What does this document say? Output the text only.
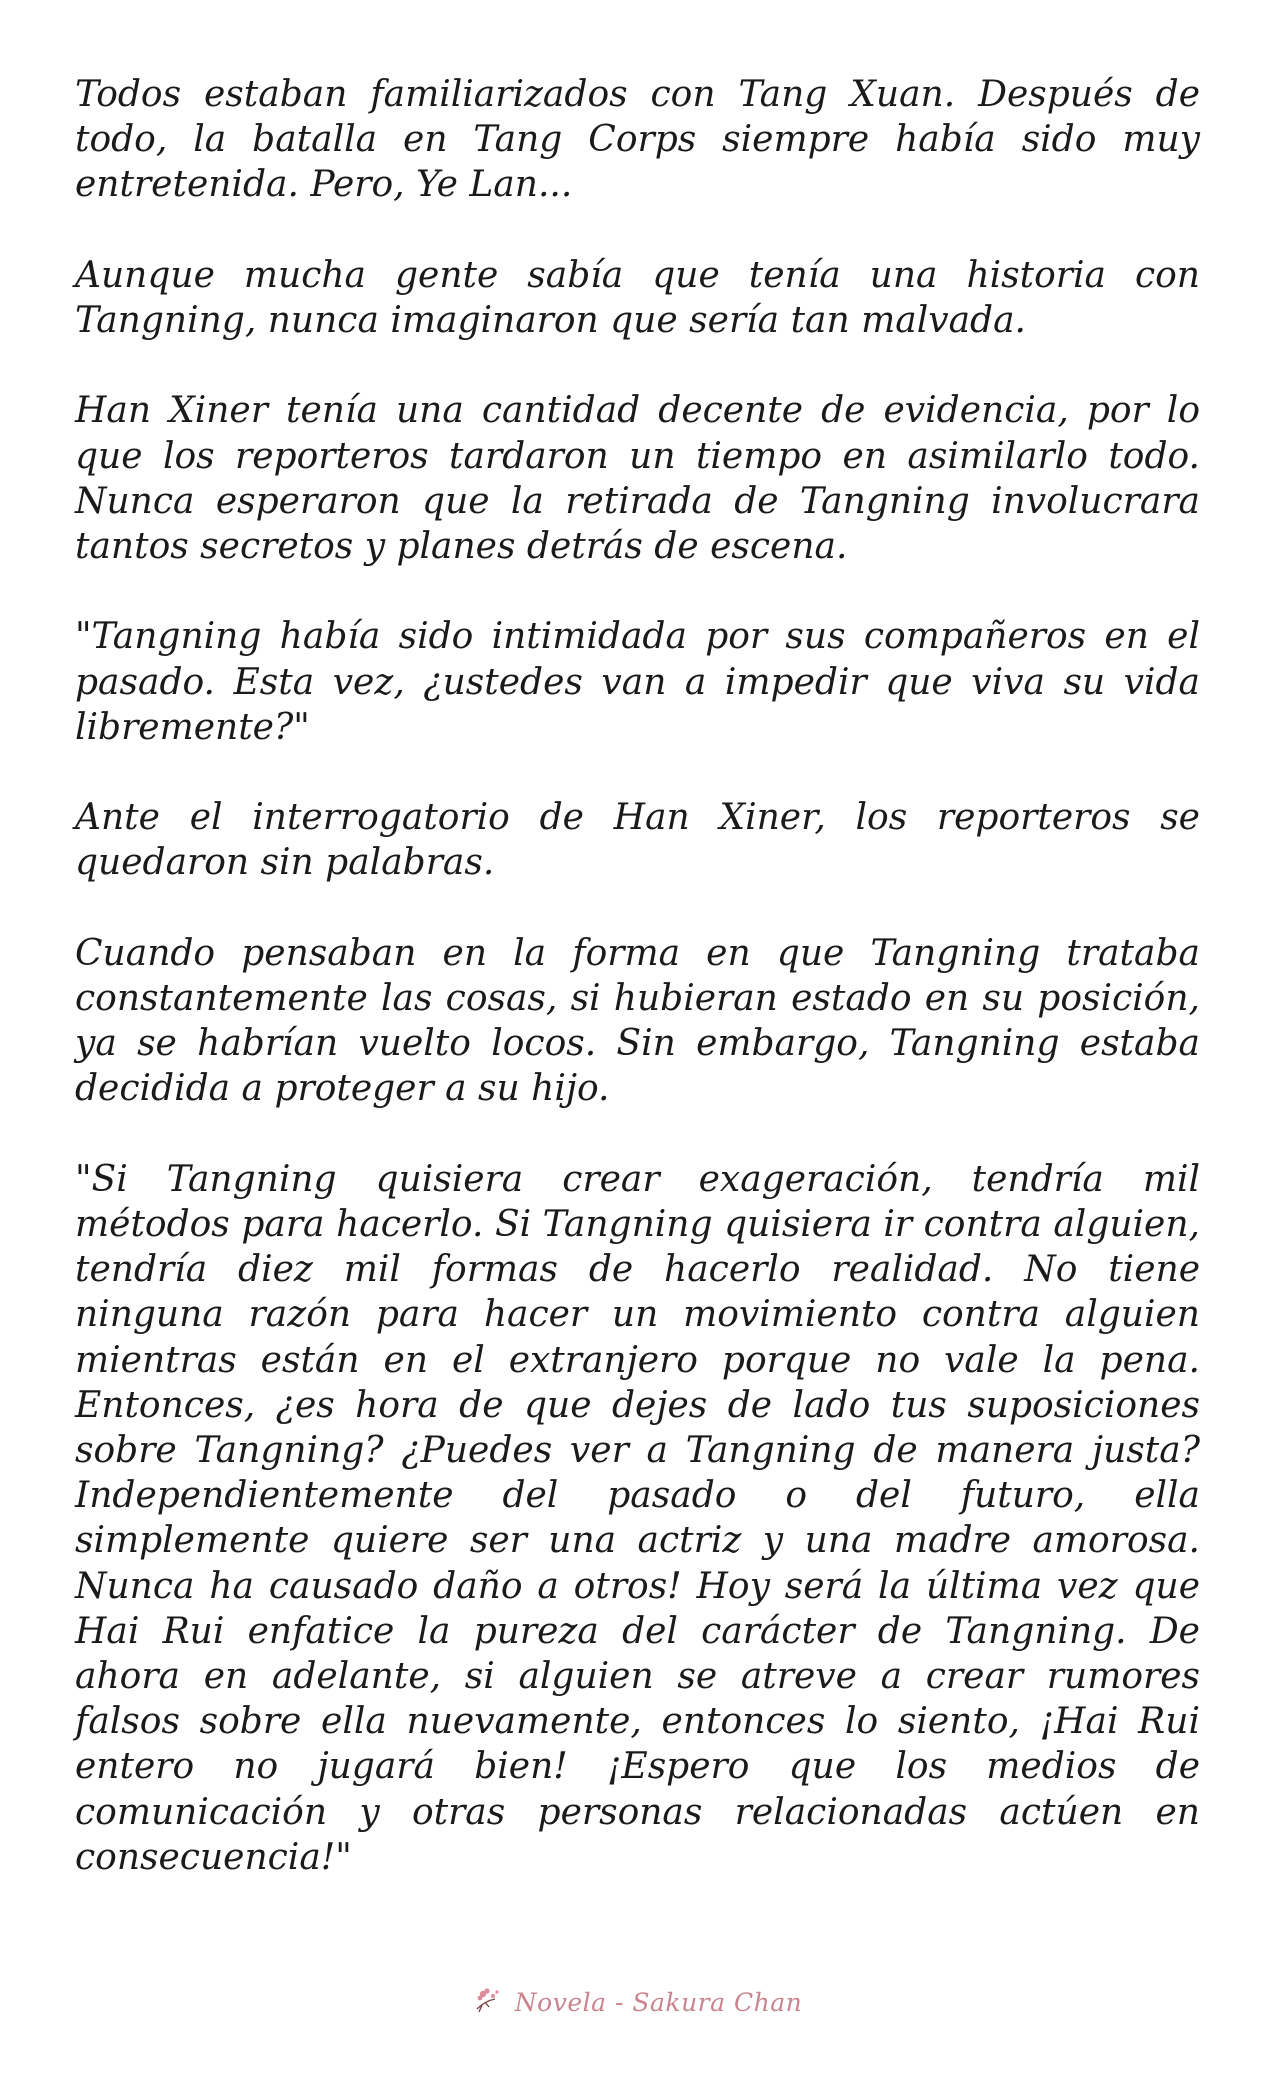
Todos estaban familiarizados con Tang Xuan. Después de todo, la batalla en Tang Corps siempre había sido muy entretenida. Pero, Ye Lan...

Aunque mucha gente sabía que tenía una historia con Tangning, nunca imaginaron que sería tan malvada.

Han Xiner tenía una cantidad decente de evidencia, por lo que los reporteros tardaron un tiempo en asimilarlo todo. Nunca esperaron que la retirada de Tangning involucrara tantos secretos y planes detrás de escena.

"Tangning había sido intimidada por sus compañeros en el pasado. Esta vez, ¿ustedes van a impedir que viva su vida libremente?"

Ante el interrogatorio de Han Xiner, los reporteros se quedaron sin palabras.

Cuando pensaban en la forma en que Tangning trataba constantemente las cosas, si hubieran estado en su posición, ya se habrían vuelto locos. Sin embargo, Tangning estaba decidida a proteger a su hijo.

"Si Tangning quisiera crear exageración, tendría mil métodos para hacerlo. Si Tangning quisiera ir contra alguien, tendría diez mil formas de hacerlo realidad. No tiene ninguna razón para hacer un movimiento contra alguien mientras están en el extranjero porque no vale la pena. Entonces, ¿es hora de que dejes de lado tus suposiciones sobre Tangning? ¿Puedes ver a Tangning de manera justa? Independientemente del pasado o del futuro, ella simplemente quiere ser una actriz y una madre amorosa. Nunca ha causado daño a otros! Hoy será la última vez que Hai Rui enfatice la pureza del carácter de Tangning. De ahora en adelante, si alguien se atreve a crear rumores falsos sobre ella nuevamente, entonces lo siento, ¡Hai Rui entero no jugará bien! ¡Espero que los medios de comunicación y otras personas relacionadas actúen en consecuencia!"

Novela - Sakura Chan
